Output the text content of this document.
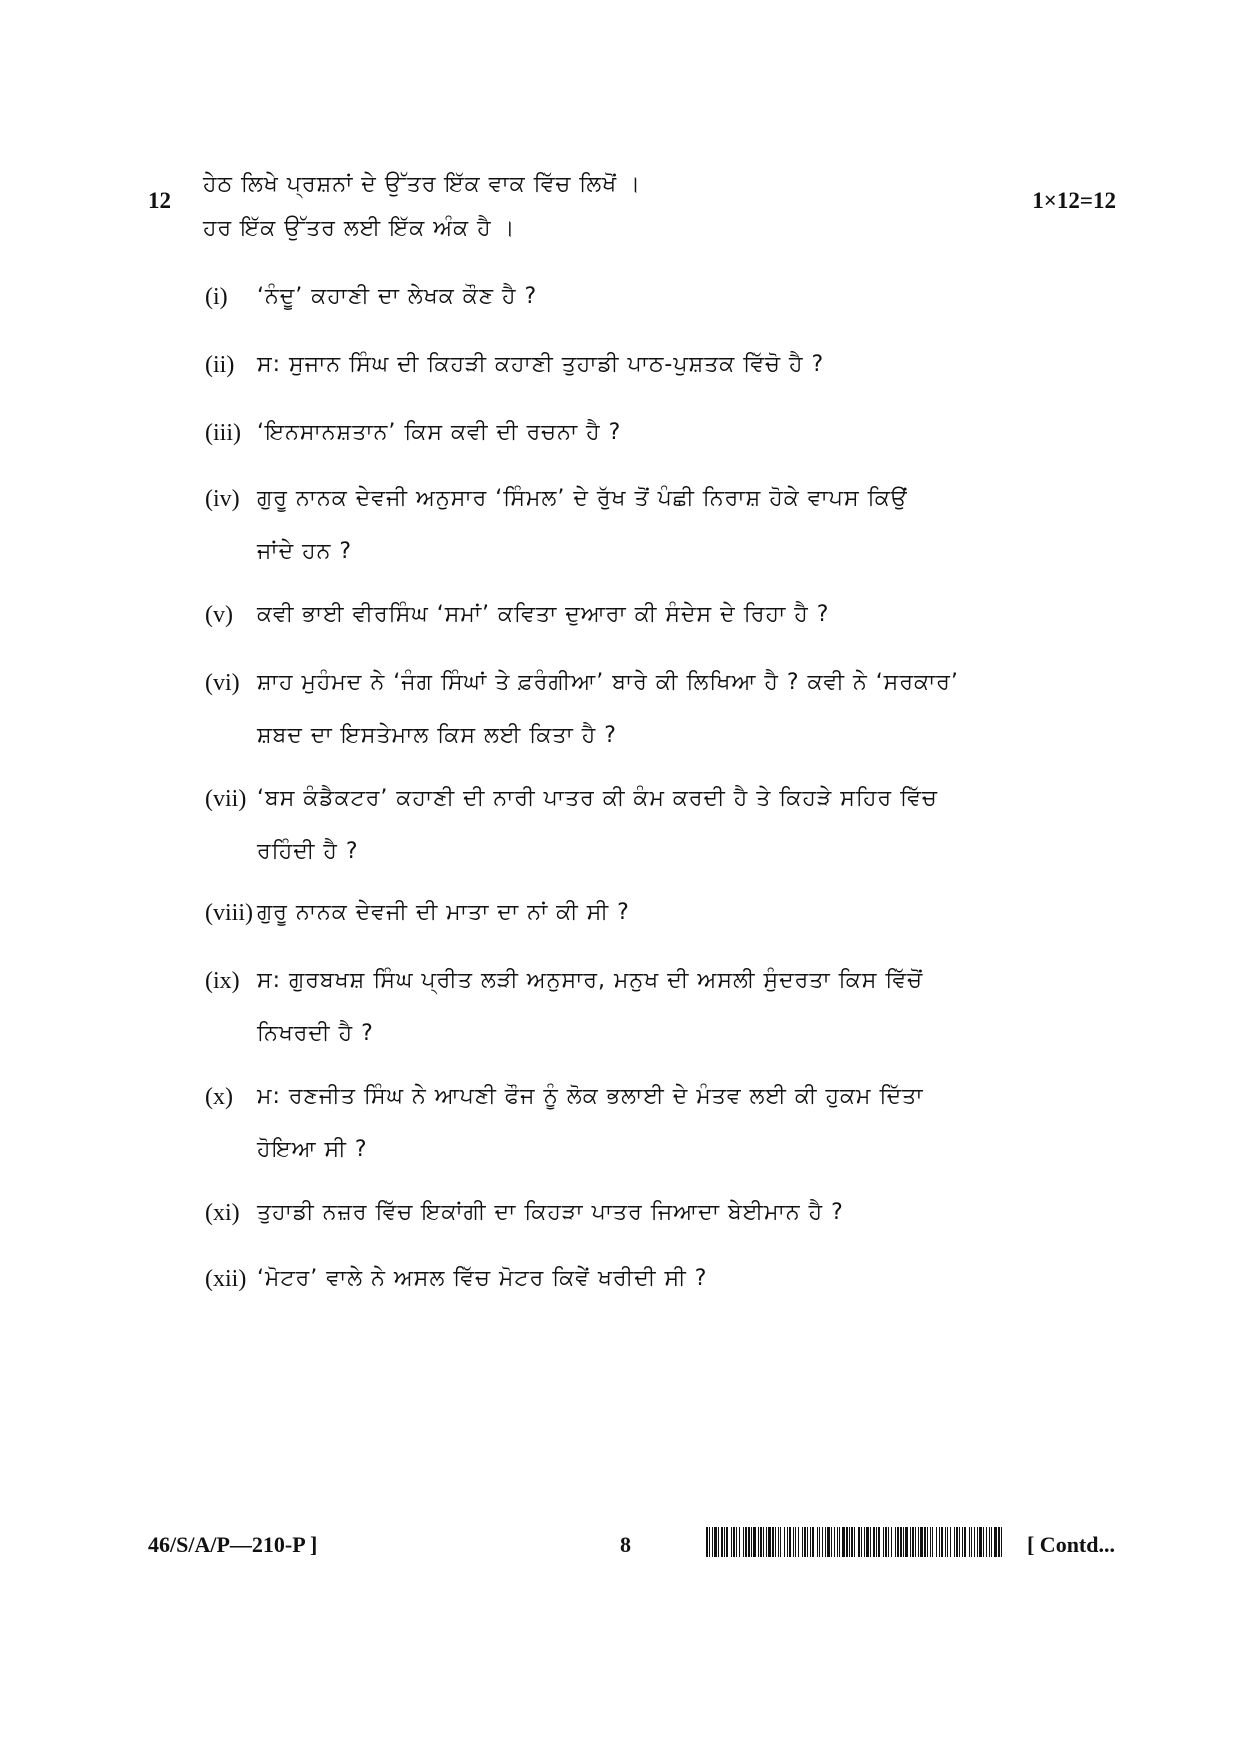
12	1×12=12
ਹੇਠ ਲਿਖੇ ਪ੍ਰਸ਼ਨਾਂ ਦੇ ਉੱਤਰ ਇੱਕ ਵਾਕ ਵਿੱਚ ਲਿਖੋਂ ।
ਹਰ ਇੱਕ ਉੱਤਰ ਲਈ ਇੱਕ ਅੰਕ ਹੈ ।
(i) ‘ਨੰਦੂ’ ਕਹਾਣੀ ਦਾ ਲੇਖਕ ਕੌਣ ਹੈ ?
(ii) ਸ: ਸੁਜਾਨ ਸਿੰਘ ਦੀ ਕਿਹੜੀ ਕਹਾਣੀ ਤੁਹਾਡੀ ਪਾਠ-ਪੁਸ਼ਤਕ ਵਿੱਚੋ ਹੈ ?
(iii) ‘ਇਨਸਾਨਸ਼ਤਾਨ’ ਕਿਸ ਕਵੀ ਦੀ ਰਚਨਾ ਹੈ ?
(iv) ਗੁਰੂ ਨਾਨਕ ਦੇਵਜੀ ਅਨੁਸਾਰ ‘ਸਿੰਮਲ’ ਦੇ ਰੁੱਖ ਤੋਂ ਪੰਛੀ ਨਿਰਾਸ਼ ਹੋਕੇ ਵਾਪਸ ਕਿਉਂ
ਜਾਂਦੇ ਹਨ ?
(v) ਕਵੀ ਭਾਈ ਵੀਰਸਿੰਘ ‘ਸਮਾਂ’ ਕਵਿਤਾ ਦੁਆਰਾ ਕੀ ਸੰਦੇਸ ਦੇ ਰਿਹਾ ਹੈ ?
(vi) ਸ਼ਾਹ ਮੁਹੰਮਦ ਨੇ ‘ਜੰਗ ਸਿੰਘਾਂ ਤੇ ਫ਼ਰੰਗੀਆ’ ਬਾਰੇ ਕੀ ਲਿਖਿਆ ਹੈ ? ਕਵੀ ਨੇ ‘ਸਰਕਾਰ’
ਸ਼ਬਦ ਦਾ ਇਸਤੇਮਾਲ ਕਿਸ ਲਈ ਕਿਤਾ ਹੈ ?
(vii) ‘ਬਸ ਕੰਡੈਕਟਰ’ ਕਹਾਣੀ ਦੀ ਨਾਰੀ ਪਾਤਰ ਕੀ ਕੰਮ ਕਰਦੀ ਹੈ ਤੇ ਕਿਹੜੇ ਸਹਿਰ ਵਿੱਚ
ਰਹਿੰਦੀ ਹੈ ?
(viii) ਗੁਰੂ ਨਾਨਕ ਦੇਵਜੀ ਦੀ ਮਾਤਾ ਦਾ ਨਾਂ ਕੀ ਸੀ ?
(ix) ਸ: ਗੁਰਬਖਸ਼ ਸਿੰਘ ਪ੍ਰੀਤ ਲੜੀ ਅਨੁਸਾਰ, ਮਨੁਖ ਦੀ ਅਸਲੀ ਸੁੰਦਰਤਾ ਕਿਸ ਵਿੱਚੋਂ
ਨਿਖਰਦੀ ਹੈ ?
(x) ਮ: ਰਣਜੀਤ ਸਿੰਘ ਨੇ ਆਪਣੀ ਫੌਜ ਨੂੰ ਲੋਕ ਭਲਾਈ ਦੇ ਮੰਤਵ ਲਈ ਕੀ ਹੁਕਮ ਦਿੱਤਾ
ਹੋਇਆ ਸੀ ?
(xi) ਤੁਹਾਡੀ ਨਜ਼ਰ ਵਿੱਚ ਇਕਾਂਗੀ ਦਾ ਕਿਹੜਾ ਪਾਤਰ ਜਿਆਦਾ ਬੇਈਮਾਨ ਹੈ ?
(xii) ‘ਮੋਟਰ’ ਵਾਲੇ ਨੇ ਅਸਲ ਵਿੱਚ ਮੋਟਰ ਕਿਵੇਂ ਖਰੀਦੀ ਸੀ ?
46/S/A/P—210-P ]	8	[ Contd...
